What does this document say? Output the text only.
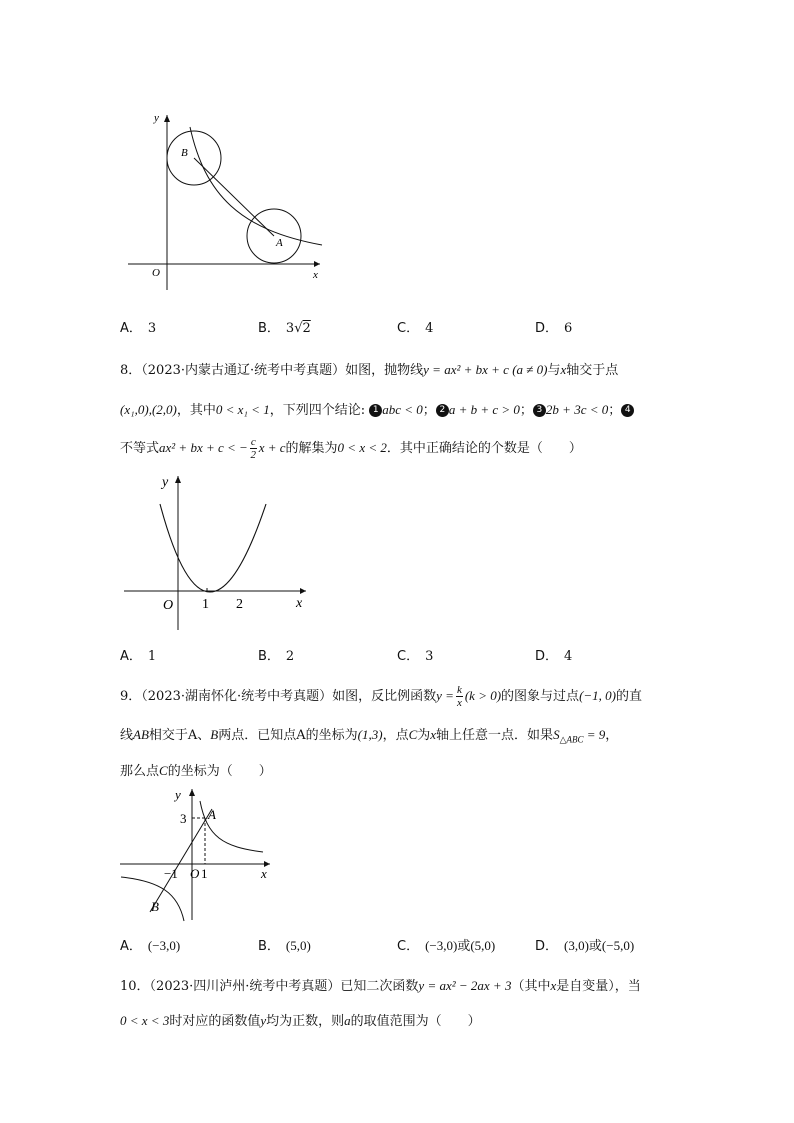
y
x
O
B
A
A． 3	B． 3√2	C． 4	D． 6
8．（2023·内蒙古通辽·统考中考真题）如图，抛物线y = ax² + bx + c (a ≠ 0)与x轴交于点
(x₁,0),(2,0)，其中0 < x₁ < 1，下列四个结论: 1 abc < 0； 2 a + b + c > 0； 3 2b + 3c < 0； 4
不等式ax² + bx + c < − $\frac{c}{2}$ x + c的解集为0 < x < 2．其中正确结论的个数是（　　）
y
x
O 1 2
A． 1	B． 2	C． 3	D． 4
9．（2023·湖南怀化·统考中考真题）如图，反比例函数$y = \frac{k}{x} (k > 0)$的图象与过点(−1, 0)的直
线AB相交于A、B两点．已知点A的坐标为(1,3)，点C为x轴上任意一点．如果$S_{\triangle ABC} = 9$，
那么点C的坐标为（　　）
y
x
O
A
B
3
−1 1
A． (−3,0)	B． (5,0)	C． (−3,0)或(5,0)	D． (3,0)或(−5,0)
10．（2023·四川泸州·统考中考真题）已知二次函数y = ax² − 2ax + 3（其中x是自变量），当
0 < x < 3时对应的函数值y均为正数，则a的取值范围为（　　）
